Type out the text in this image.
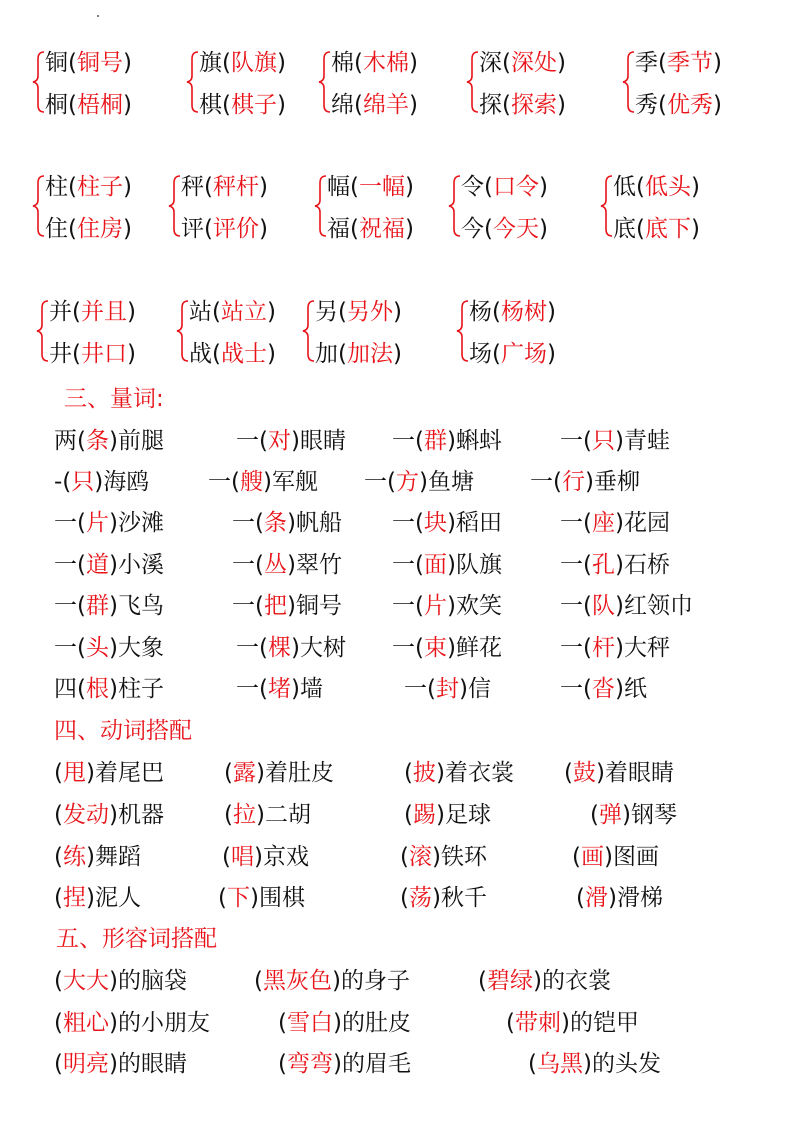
铜(铜号)
桐(梧桐)
旗(队旗)
棋(棋子)
棉(木棉)
绵(绵羊)
深(深处)
探(探索)
季(季节)
秀(优秀)
柱(柱子)
住(住房)
秤(秤杆)
评(评价)
幅(一幅)
福(祝福)
令(口令)
今(今天)
低(低头)
底(底下)
并(并且)
井(井口)
站(站立)
战(战士)
另(另外)
加(加法)
杨(杨树)
场(广场)
三、量词:
两(条)前腿	一(对)眼睛 一(群)蝌蚪	一(只)青蛙
-(只)海鸥	一(艘)军舰 一(方)鱼塘 一(行)垂柳
一(片)沙滩	一(条)帆船 一(块)稻田	一(座)花园
一(道)小溪	一(丛)翠竹 一(面)队旗	一(孔)石桥
一(群)飞鸟	一(把)铜号 一(片)欢笑	一(队)红领巾
一(头)大象	一(棵)大树 一(束)鲜花	一(杆)大秤
四(根)柱子	一(堵)墙	一(封)信	一(沓)纸
四、动词搭配
(甩)着尾巴	(露)着肚皮	(披)着衣裳 (鼓)着眼睛
(发动)机器	(拉)二胡	(踢)足球	(弹)钢琴
(练)舞蹈	(唱)京戏	(滚)铁环	(画)图画
(捏)泥人	(下)围棋	(荡)秋千	(滑)滑梯
五、形容词搭配
(大大)的脑袋	(黑灰色)的身子	(碧绿)的衣裳
(粗心)的小朋友	(雪白)的肚皮	(带刺)的铠甲
(明亮)的眼睛	(弯弯)的眉毛	(乌黑)的头发
